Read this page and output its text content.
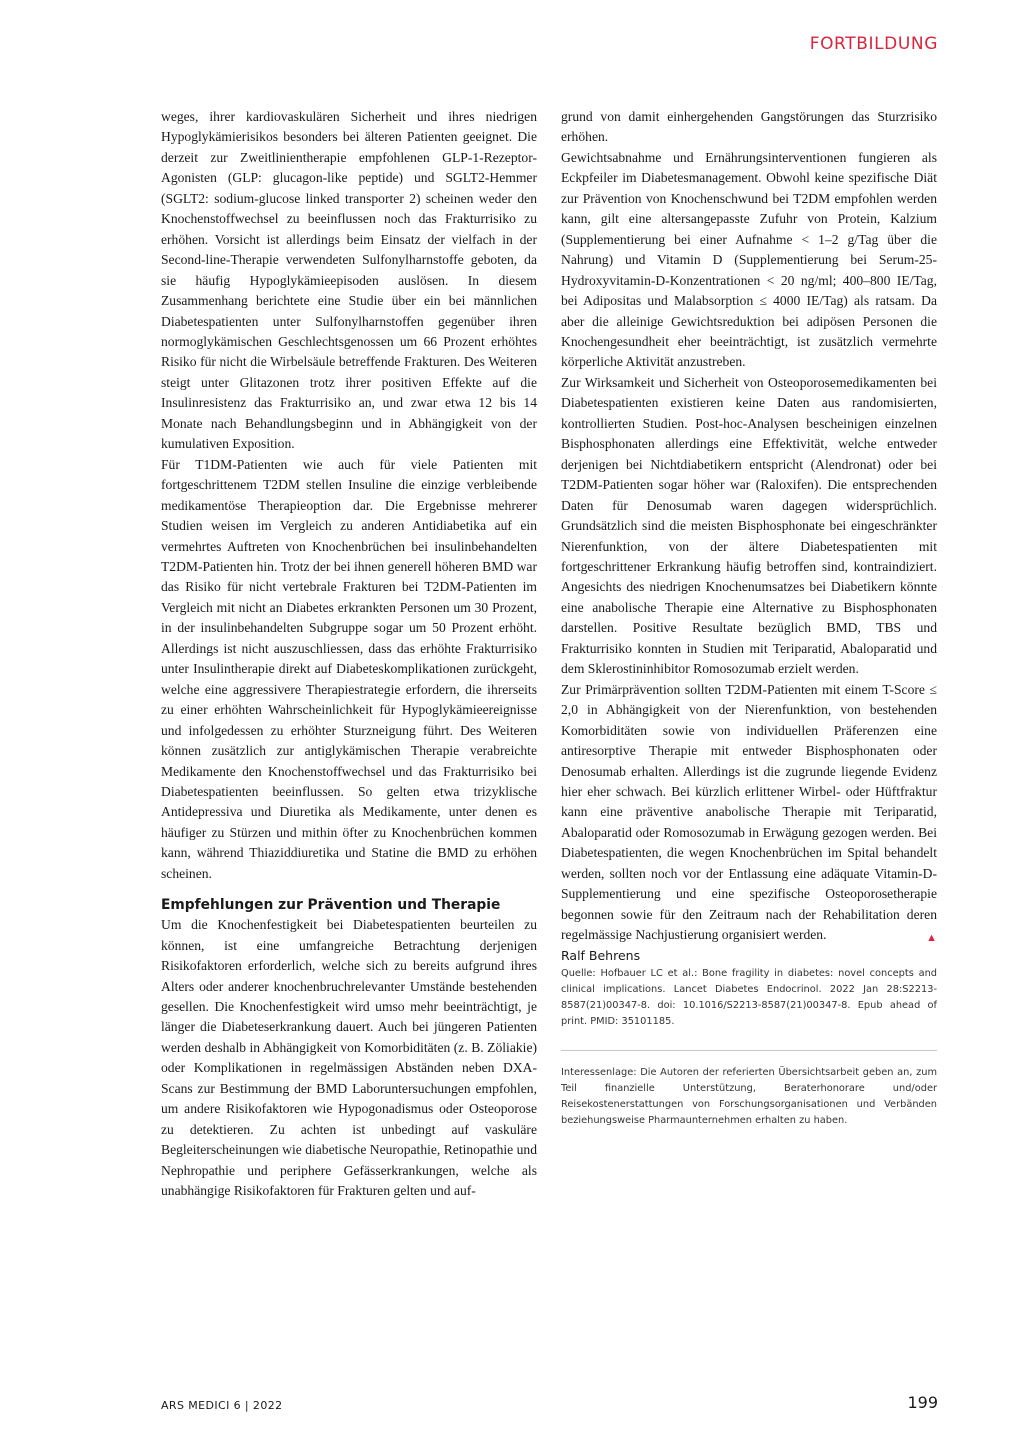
FORTBILDUNG

weges, ihrer kardiovaskulären Sicherheit und ihres niedrigen Hypoglykämierisikos besonders bei älteren Patienten geeignet. Die derzeit zur Zweitlinientherapie empfohlenen GLP-1-Rezeptor-Agonisten (GLP: glucagon-like peptide) und SGLT2-Hemmer (SGLT2: sodium-glucose linked transporter 2) scheinen weder den Knochenstoffwechsel zu beeinflussen noch das Frakturrisiko zu erhöhen. Vorsicht ist allerdings beim Einsatz der vielfach in der Second-line-Therapie verwendeten Sulfonylharnstoffe geboten, da sie häufig Hypoglykämieepisoden auslösen. In diesem Zusammenhang berichtete eine Studie über ein bei männlichen Diabetespatienten unter Sulfonylharnstoffen gegenüber ihren normoglykämischen Geschlechtsgenossen um 66 Prozent erhöhtes Risiko für nicht die Wirbelsäule betreffende Frakturen. Des Weiteren steigt unter Glitazonen trotz ihrer positiven Effekte auf die Insulinresistenz das Frakturrisiko an, und zwar etwa 12 bis 14 Monate nach Behandlungsbeginn und in Abhängigkeit von der kumulativen Exposition.

Für T1DM-Patienten wie auch für viele Patienten mit fortgeschrittenem T2DM stellen Insuline die einzige verbleibende medikamentöse Therapieoption dar. Die Ergebnisse mehrerer Studien weisen im Vergleich zu anderen Antidiabetika auf ein vermehrtes Auftreten von Knochenbrüchen bei insulinbehandelten T2DM-Patienten hin. Trotz der bei ihnen generell höheren BMD war das Risiko für nicht vertebrale Frakturen bei T2DM-Patienten im Vergleich mit nicht an Diabetes erkrankten Personen um 30 Prozent, in der insulinbehandelten Subgruppe sogar um 50 Prozent erhöht. Allerdings ist nicht auszuschliessen, dass das erhöhte Frakturrisiko unter Insulintherapie direkt auf Diabeteskomplikationen zurückgeht, welche eine aggressivere Therapiestrategie erfordern, die ihrerseits zu einer erhöhten Wahrscheinlichkeit für Hypoglykämieereignisse und infolgedessen zu erhöhter Sturzneigung führt. Des Weiteren können zusätzlich zur antiglykämischen Therapie verabreichte Medikamente den Knochenstoffwechsel und das Frakturrisiko bei Diabetespatienten beeinflussen. So gelten etwa trizyklische Antidepressiva und Diuretika als Medikamente, unter denen es häufiger zu Stürzen und mithin öfter zu Knochenbrüchen kommen kann, während Thiaziddiuretika und Statine die BMD zu erhöhen scheinen.

Empfehlungen zur Prävention und Therapie

Um die Knochenfestigkeit bei Diabetespatienten beurteilen zu können, ist eine umfangreiche Betrachtung derjenigen Risikofaktoren erforderlich, welche sich zu bereits aufgrund ihres Alters oder anderer knochenbruchrelevanter Umstände bestehenden gesellen. Die Knochenfestigkeit wird umso mehr beeinträchtigt, je länger die Diabeteserkrankung dauert. Auch bei jüngeren Patienten werden deshalb in Abhängigkeit von Komorbiditäten (z. B. Zöliakie) oder Komplikationen in regelmässigen Abständen neben DXA-Scans zur Bestimmung der BMD Laboruntersuchungen empfohlen, um andere Risikofaktoren wie Hypogonadismus oder Osteoporose zu detektieren. Zu achten ist unbedingt auf vaskuläre Begleiterscheinungen wie diabetische Neuropathie, Retinopathie und Nephropathie und periphere Gefässerkrankungen, welche als unabhängige Risikofaktoren für Frakturen gelten und auf-

grund von damit einhergehenden Gangstörungen das Sturzrisiko erhöhen.

Gewichtsabnahme und Ernährungsinterventionen fungieren als Eckpfeiler im Diabetesmanagement. Obwohl keine spezifische Diät zur Prävention von Knochenschwund bei T2DM empfohlen werden kann, gilt eine altersangepasste Zufuhr von Protein, Kalzium (Supplementierung bei einer Aufnahme < 1–2 g/Tag über die Nahrung) und Vitamin D (Supplementierung bei Serum-25-Hydroxyvitamin-D-Konzentrationen < 20 ng/ml; 400–800 IE/Tag, bei Adipositas und Malabsorption ≤ 4000 IE/Tag) als ratsam. Da aber die alleinige Gewichtsreduktion bei adipösen Personen die Knochengesundheit eher beeinträchtigt, ist zusätzlich vermehrte körperliche Aktivität anzustreben.

Zur Wirksamkeit und Sicherheit von Osteoporosemedikamenten bei Diabetespatienten existieren keine Daten aus randomisierten, kontrollierten Studien. Post-hoc-Analysen bescheinigen einzelnen Bisphosphonaten allerdings eine Effektivität, welche entweder derjenigen bei Nichtdiabetikern entspricht (Alendronat) oder bei T2DM-Patienten sogar höher war (Raloxifen). Die entsprechenden Daten für Denosumab waren dagegen widersprüchlich. Grundsätzlich sind die meisten Bisphosphonate bei eingeschränkter Nierenfunktion, von der ältere Diabetespatienten mit fortgeschrittener Erkrankung häufig betroffen sind, kontraindiziert. Angesichts des niedrigen Knochenumsatzes bei Diabetikern könnte eine anabolische Therapie eine Alternative zu Bisphosphonaten darstellen. Positive Resultate bezüglich BMD, TBS und Frakturrisiko konnten in Studien mit Teriparatid, Abaloparatid und dem Sklerostininhibitor Romosozumab erzielt werden.

Zur Primärprävention sollten T2DM-Patienten mit einem T-Score ≤ 2,0 in Abhängigkeit von der Nierenfunktion, von bestehenden Komorbiditäten sowie von individuellen Präferenzen eine antiresorptive Therapie mit entweder Bisphosphonaten oder Denosumab erhalten. Allerdings ist die zugrunde liegende Evidenz hier eher schwach. Bei kürzlich erlittener Wirbel- oder Hüftfraktur kann eine präventive anabolische Therapie mit Teriparatid, Abaloparatid oder Romosozumab in Erwägung gezogen werden. Bei Diabetespatienten, die wegen Knochenbrüchen im Spital behandelt werden, sollten noch vor der Entlassung eine adäquate Vitamin-D-Supplementierung und eine spezifische Osteoporosetherapie begonnen sowie für den Zeitraum nach der Rehabilitation deren regelmässige Nachjustierung organisiert werden.	▲

Ralf Behrens

Quelle: Hofbauer LC et al.: Bone fragility in diabetes: novel concepts and clinical implications. Lancet Diabetes Endocrinol. 2022 Jan 28:S2213-8587(21)00347-8. doi: 10.1016/S2213-8587(21)00347-8. Epub ahead of print. PMID: 35101185.

Interessenlage: Die Autoren der referierten Übersichtsarbeit geben an, zum Teil finanzielle Unterstützung, Beraterhonorare und/oder Reisekostenerstattungen von Forschungsorganisationen und Verbänden beziehungsweise Pharmaunternehmen erhalten zu haben.

ARS MEDICI 6 | 2022	199
